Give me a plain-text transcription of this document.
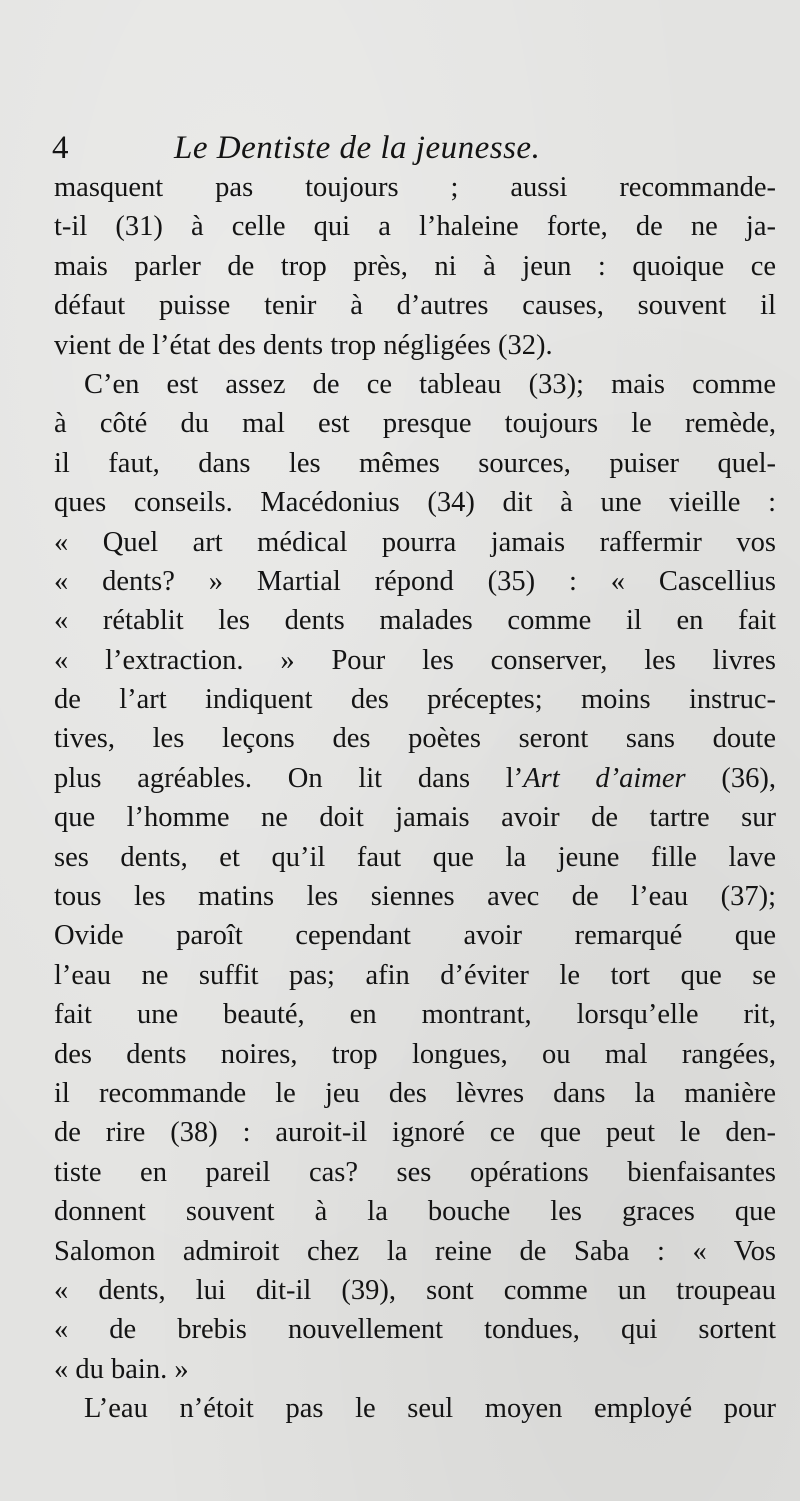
4	Le Dentiste de la jeunesse.
masquent pas toujours ; aussi recommande-
t-il (31) à celle qui a l’haleine forte, de ne ja-
mais parler de trop près, ni à jeun : quoique ce
défaut puisse tenir à d’autres causes, souvent il
vient de l’état des dents trop négligées (32).
C’en est assez de ce tableau (33); mais comme
à côté du mal est presque toujours le remède,
il faut, dans les mêmes sources, puiser quel-
ques conseils. Macédonius (34) dit à une vieille :
« Quel art médical pourra jamais raffermir vos
« dents? » Martial répond (35) : « Cascellius
« rétablit les dents malades comme il en fait
« l’extraction. » Pour les conserver, les livres
de l’art indiquent des préceptes; moins instruc-
tives, les leçons des poètes seront sans doute
plus agréables. On lit dans l’Art d’aimer (36),
que l’homme ne doit jamais avoir de tartre sur
ses dents, et qu’il faut que la jeune fille lave
tous les matins les siennes avec de l’eau (37);
Ovide paroît cependant avoir remarqué que
l’eau ne suffit pas; afin d’éviter le tort que se
fait une beauté, en montrant, lorsqu’elle rit,
des dents noires, trop longues, ou mal rangées,
il recommande le jeu des lèvres dans la manière
de rire (38) : auroit-il ignoré ce que peut le den-
tiste en pareil cas? ses opérations bienfaisantes
donnent souvent à la bouche les graces que
Salomon admiroit chez la reine de Saba : « Vos
« dents, lui dit-il (39), sont comme un troupeau
« de brebis nouvellement tondues, qui sortent
« du bain. »
L’eau n’étoit pas le seul moyen employé pour
